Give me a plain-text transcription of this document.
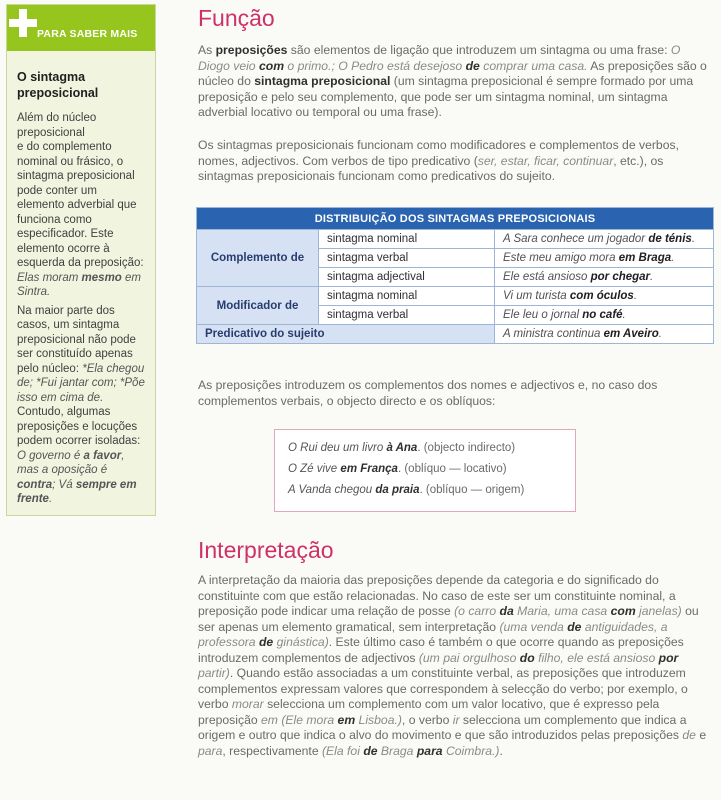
PARA SABER MAIS
O sintagma preposicional

Além do núcleo preposicional
e do complemento nominal ou frásico, o sintagma preposicional pode conter um elemento adverbial que funciona como especificador. Este elemento ocorre à esquerda da preposição: Elas moram mesmo em Sintra.

Na maior parte dos casos, um sintagma preposicional não pode ser constituído apenas pelo núcleo: *Ela chegou de; *Fui jantar com; *Põe isso em cima de. Contudo, algumas preposições e locuções podem ocorrer isoladas: O governo é a favor, mas a oposição é contra; Vá sempre em frente.

Função

As preposições são elementos de ligação que introduzem um sintagma ou uma frase: O Diogo veio com o primo.; O Pedro está desejoso de comprar uma casa. As preposições são o núcleo do sintagma preposicional (um sintagma preposicional é sempre formado por uma preposição e pelo seu complemento, que pode ser um sintagma nominal, um sintagma adverbial locativo ou temporal ou uma frase).

Os sintagmas preposicionais funcionam como modificadores e complementos de verbos, nomes, adjectivos. Com verbos de tipo predicativo (ser, estar, ficar, continuar, etc.), os sintagmas preposicionais funcionam como predicativos do sujeito.

DISTRIBUIÇÃO DOS SINTAGMAS PREPOSICIONAIS		
Complemento de	sintagma nominal	A Sara conhece um jogador de ténis.
	sintagma verbal	Este meu amigo mora em Braga.
	sintagma adjectival	Ele está ansioso por chegar.
Modificador de	sintagma nominal	Vi um turista com óculos.
	sintagma verbal	Ele leu o jornal no café.
Predicativo do sujeito		A ministra continua em Aveiro.

As preposições introduzem os complementos dos nomes e adjectivos e, no caso dos complementos verbais, o objecto directo e os oblíquos:

O Rui deu um livro à Ana. (objecto indirecto)
O Zé vive em França. (oblíquo — locativo)
A Vanda chegou da praia. (oblíquo — origem)
Interpretação

A interpretação da maioria das preposições depende da categoria e do significado do constituinte com que estão relacionadas. No caso de este ser um constituinte nominal, a preposição pode indicar uma relação de posse (o carro da Maria, uma casa com janelas) ou ser apenas um elemento gramatical, sem interpretação (uma venda de antiguidades, a professora de ginástica). Este último caso é também o que ocorre quando as preposições introduzem complementos de adjectivos (um pai orgulhoso do filho, ele está ansioso por partir). Quando estão associadas a um constituinte verbal, as preposições que introduzem complementos expressam valores que correspondem à selecção do verbo; por exemplo, o verbo morar selecciona um complemento com um valor locativo, que é expresso pela preposição em (Ele mora em Lisboa.), o verbo ir selecciona um complemento que indica a origem e outro que indica o alvo do movimento e que são introduzidos pelas preposições de e para, respectivamente (Ela foi de Braga para Coimbra.).
